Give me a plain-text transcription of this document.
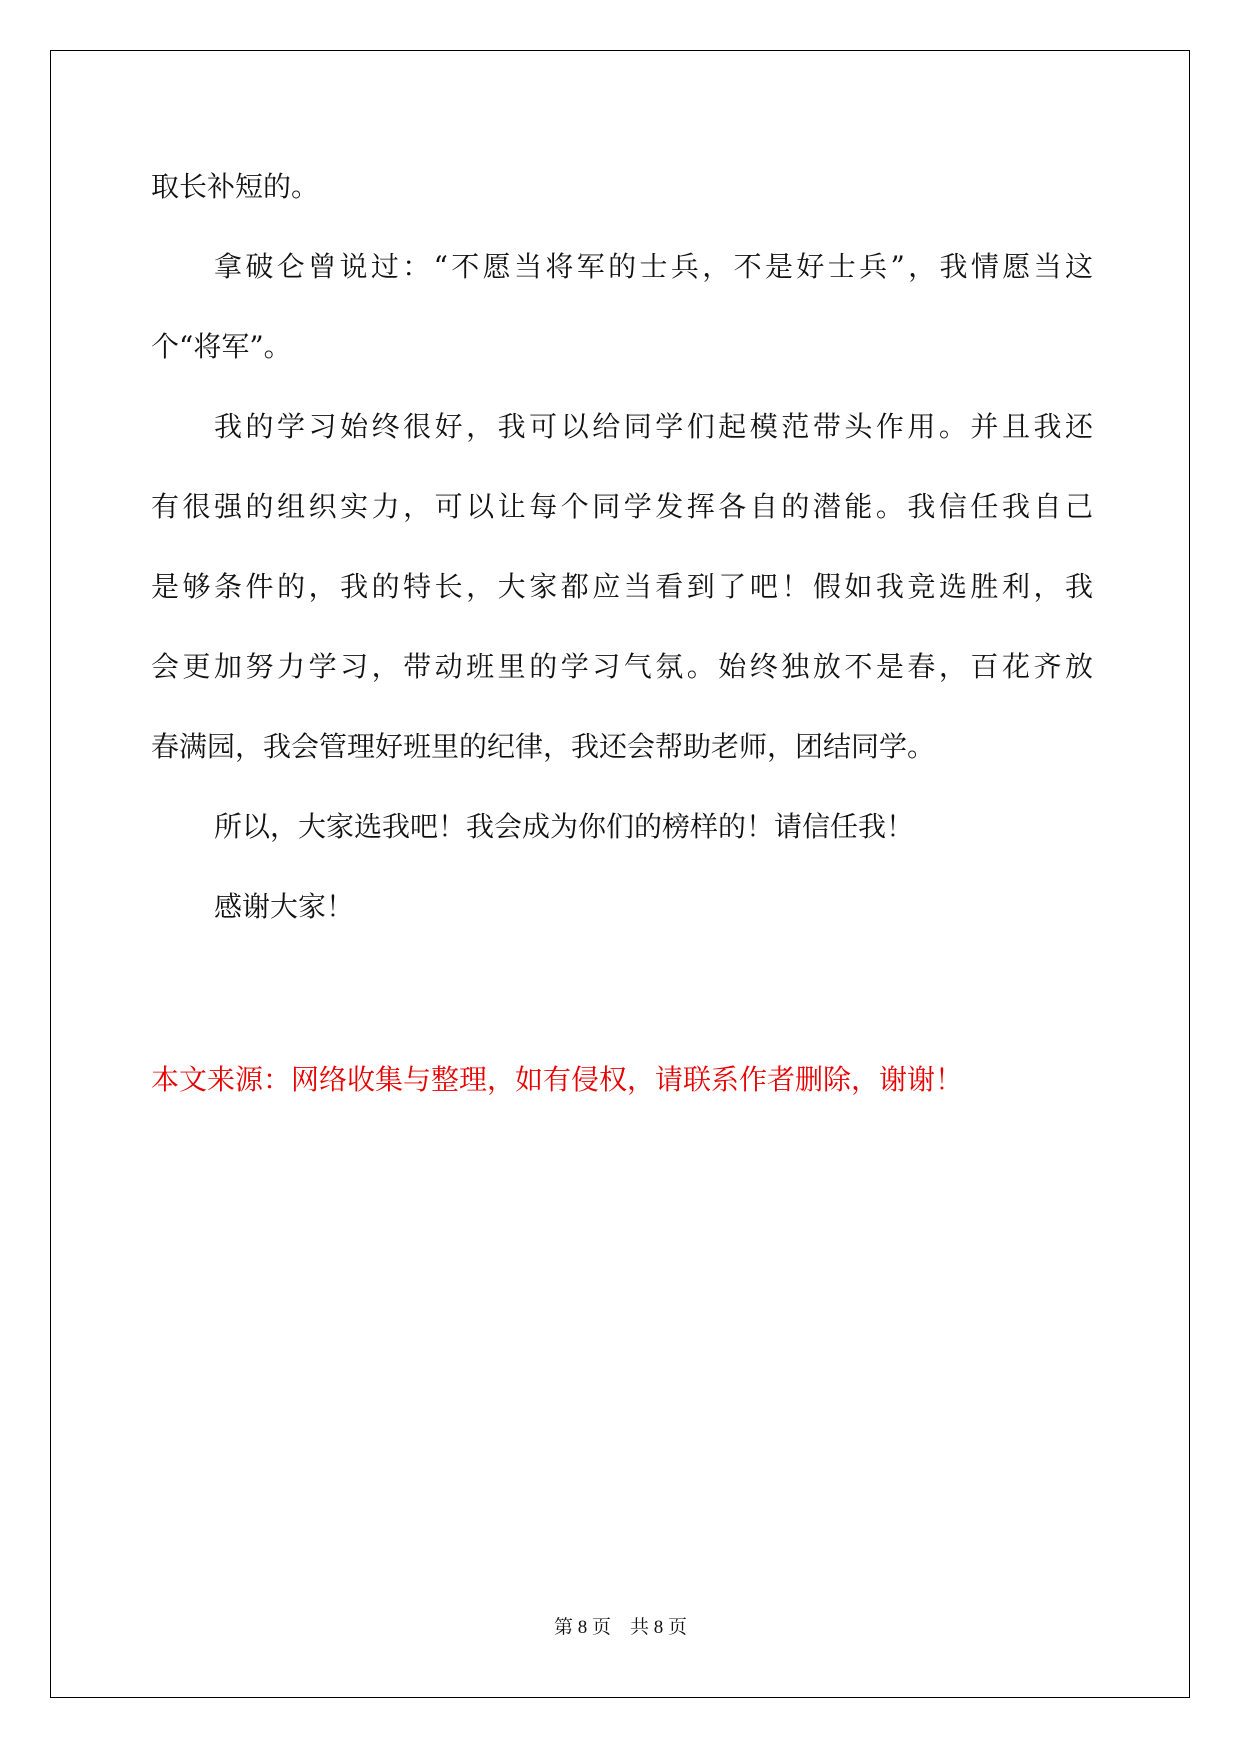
取长补短的。

拿破仑曾说过：“不愿当将军的士兵，不是好士兵”，我情愿当这

个“将军”。

我的学习始终很好，我可以给同学们起模范带头作用。并且我还

有很强的组织实力，可以让每个同学发挥各自的潜能。我信任我自己

是够条件的，我的特长，大家都应当看到了吧！假如我竞选胜利，我

会更加努力学习，带动班里的学习气氛。始终独放不是春，百花齐放

春满园，我会管理好班里的纪律，我还会帮助老师，团结同学。

所以，大家选我吧！我会成为你们的榜样的！请信任我！

感谢大家！

本文来源：网络收集与整理，如有侵权，请联系作者删除，谢谢！
第 8 页　共 8 页
